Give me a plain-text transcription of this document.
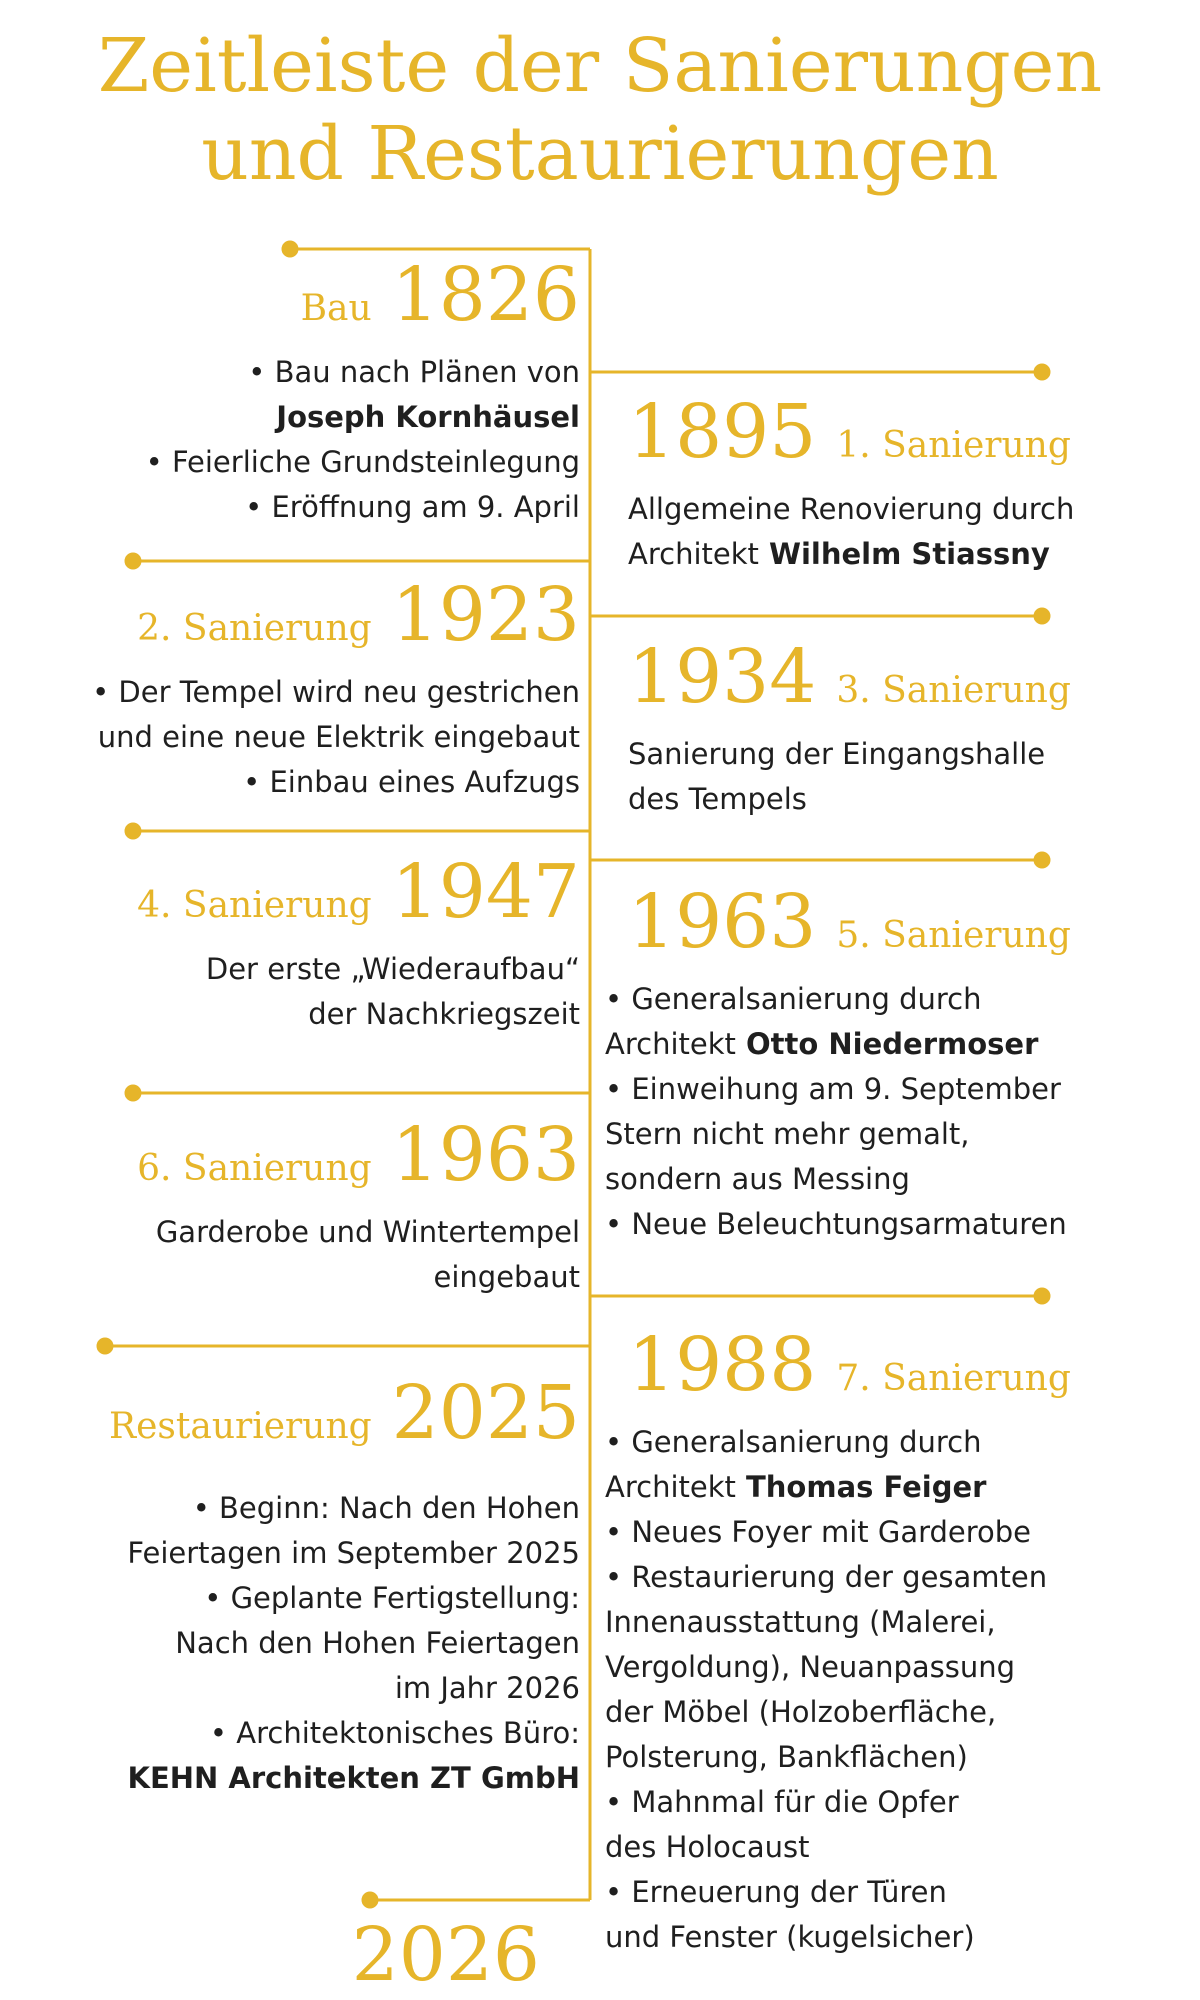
Zeitleiste der Sanierungen
und Restaurierungen
Bau 1826
• Bau nach Plänen von
Joseph Kornhäusel
• Feierliche Grundsteinlegung
• Eröffnung am 9. April
1895 1. Sanierung
Allgemeine Renovierung durch
Architekt Wilhelm Stiassny
2. Sanierung 1923
• Der Tempel wird neu gestrichen
und eine neue Elektrik eingebaut
• Einbau eines Aufzugs
1934 3. Sanierung
Sanierung der Eingangshalle
des Tempels
4. Sanierung 1947
Der erste „Wiederaufbau“
der Nachkriegszeit
1963 5. Sanierung
• Generalsanierung durch
Architekt Otto Niedermoser
• Einweihung am 9. September
Stern nicht mehr gemalt,
sondern aus Messing
• Neue Beleuchtungsarmaturen
6. Sanierung 1963
Garderobe und Wintertempel
eingebaut
1988 7. Sanierung
• Generalsanierung durch
Architekt Thomas Feiger
• Neues Foyer mit Garderobe
• Restaurierung der gesamten
Innenausstattung (Malerei,
Vergoldung), Neuanpassung
der Möbel (Holzoberfläche,
Polsterung, Bankflächen)
• Mahnmal für die Opfer
des Holocaust
• Erneuerung der Türen
und Fenster (kugelsicher)
Restaurierung 2025
• Beginn: Nach den Hohen
Feiertagen im September 2025
• Geplante Fertigstellung:
Nach den Hohen Feiertagen
im Jahr 2026
• Architektonisches Büro:
KEHN Architekten ZT GmbH
2026
